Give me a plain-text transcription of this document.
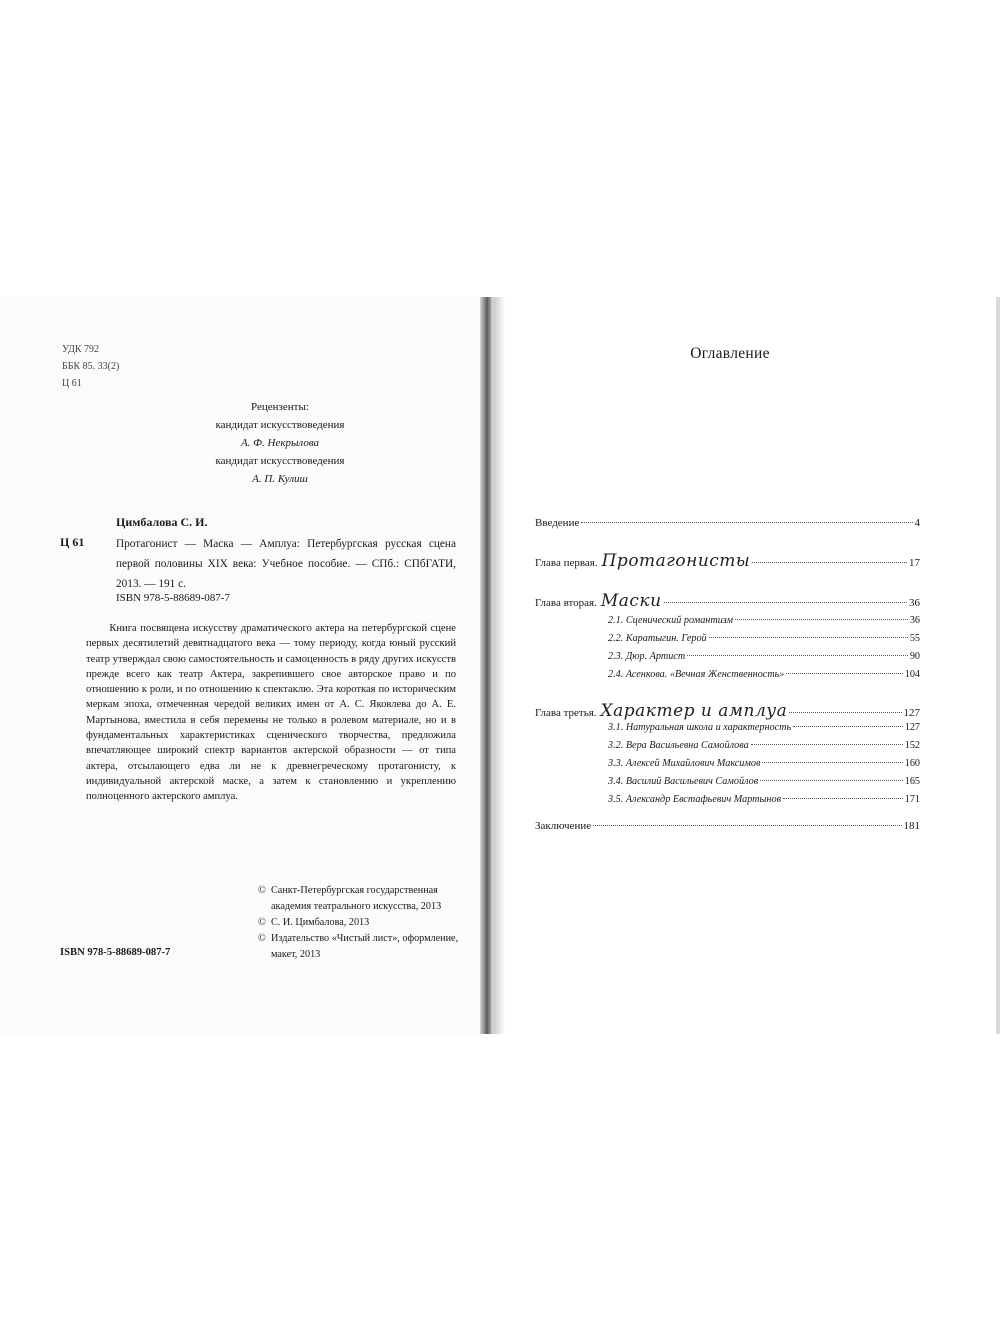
УДК 792
ББК 85. 33(2)
Ц 61
Рецензенты:
кандидат искусствоведения
А. Ф. Некрылова
кандидат искусствоведения
А. П. Кулиш
Цимбалова С. И.
Ц 61	Протагонист — Маска — Амплуа: Петербургская русская сцена первой половины XIX века: Учебное пособие. — СПб.: СПбГАТИ, 2013. — 191 с.
ISBN 978-5-88689-087-7

Книга посвящена искусству драматического актера на петербургской сцене первых десятилетий девятнадцатого века — тому периоду, когда юный русский театр утверждал свою самостоятельность и самоценность в ряду других искусств прежде всего как театр Актера, закрепившего свое авторское право и по отношению к роли, и по отношению к спектаклю. Эта короткая по историческим меркам эпоха, отмеченная чередой великих имен от А. С. Яковлева до А. Е. Мартынова, вместила в себя перемены не только в ролевом материале, но и в фундаментальных характеристиках сценического творчества, предложила впечатляющее широкий спектр вариантов актерской образности — от типа актера, отсылающего едва ли не к древнегреческому протагонисту, к индивидуальной актерской маске, а затем к становлению и укреплению полноценного актерского амплуа.

© Санкт-Петербургская государственная академия театрального искусства, 2013
© С. И. Цимбалова, 2013
© Издательство «Чистый лист», оформление, макет, 2013
ISBN 978-5-88689-087-7
Оглавление
Введение	4
Глава первая. Протагонисты	17
Глава вторая. Маски	36
2.1. Сценический романтизм	36
2.2. Каратыгин. Герой	55
2.3. Дюр. Артист	90
2.4. Асенкова. «Вечная Женственность»	104
Глава третья. Характер и амплуа	127
3.1. Натуральная школа и характерность	127
3.2. Вера Васильевна Самойлова	152
3.3. Алексей Михайлович Максимов	160
3.4. Василий Васильевич Самойлов	165
3.5. Александр Евстафьевич Мартынов	171
Заключение	181
